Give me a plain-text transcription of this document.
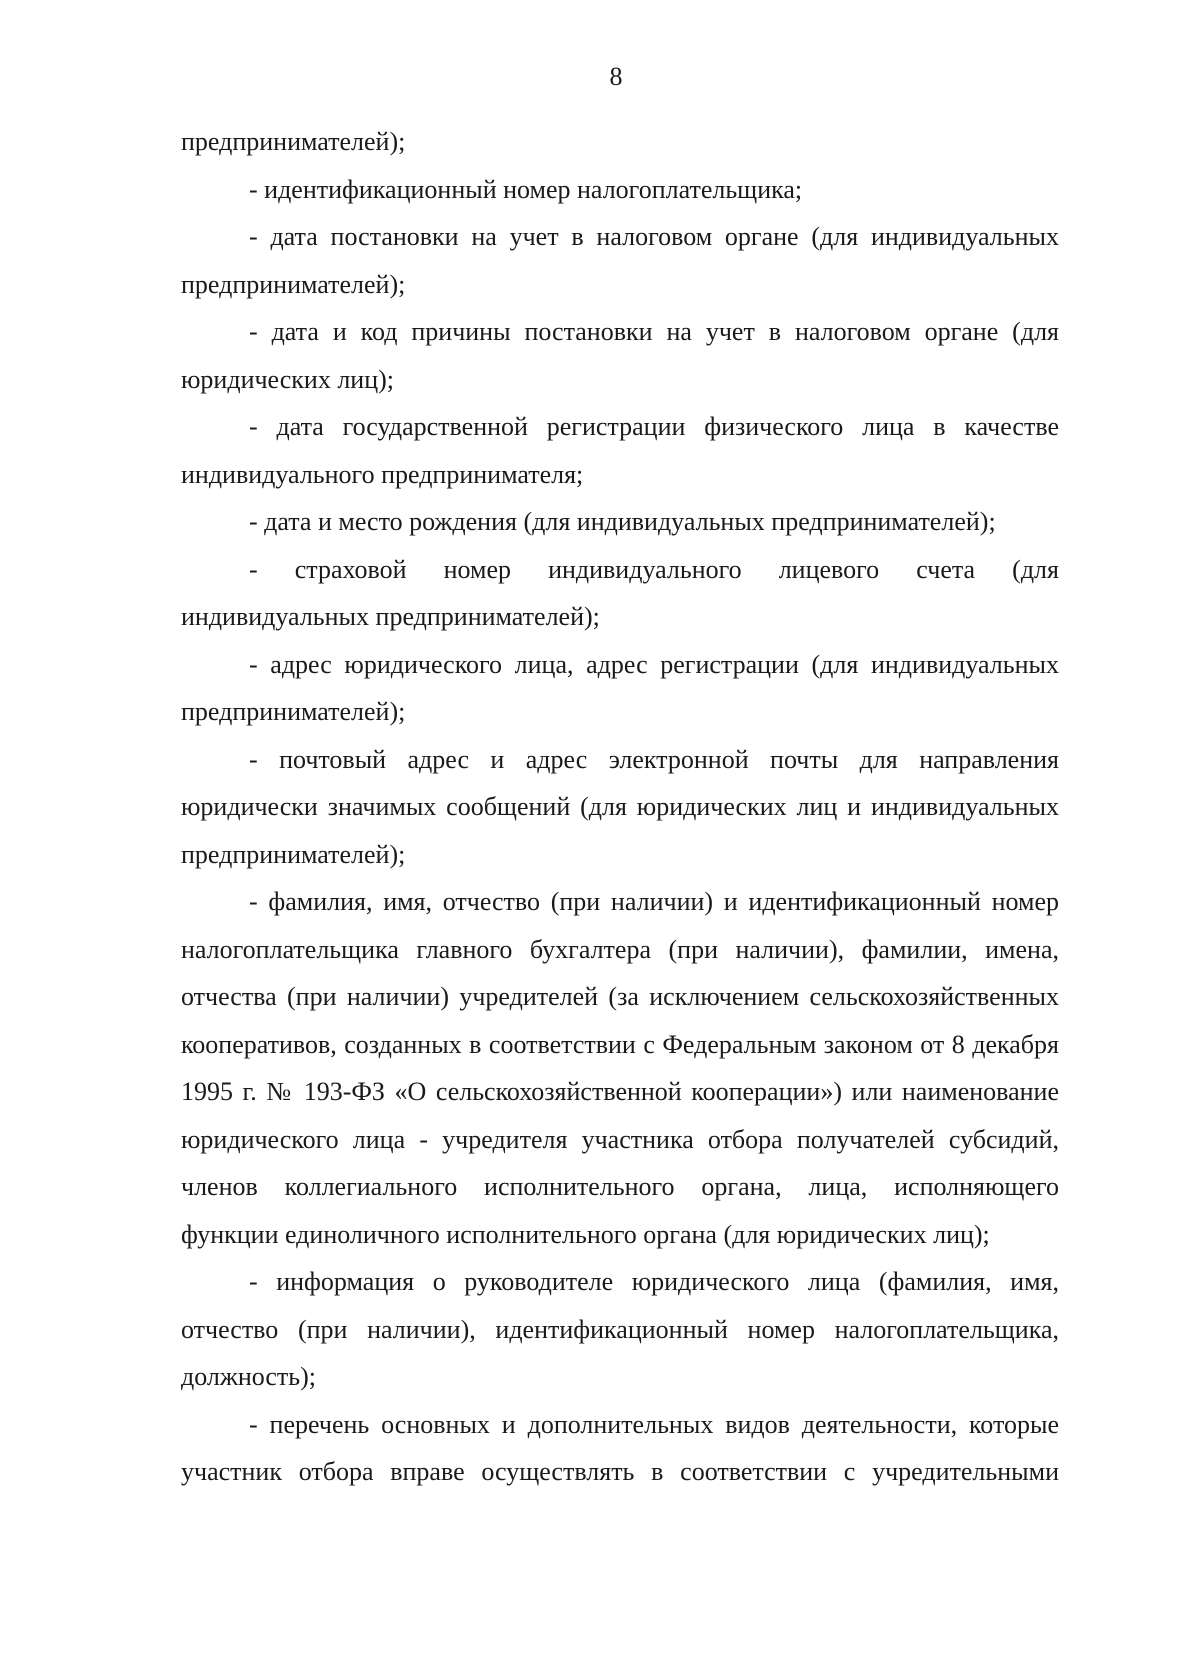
8

предпринимателей);

- идентификационный номер налогоплательщика;

- дата постановки на учет в налоговом органе (для индивидуальных предпринимателей);

- дата и код причины постановки на учет в налоговом органе (для юридических лиц);

- дата государственной регистрации физического лица в качестве индивидуального предпринимателя;

- дата и место рождения (для индивидуальных предпринимателей);

- страховой номер индивидуального лицевого счета (для индивидуальных предпринимателей);

- адрес юридического лица, адрес регистрации (для индивидуальных предпринимателей);

- почтовый адрес и адрес электронной почты для направления юридически значимых сообщений (для юридических лиц и индивидуальных предпринимателей);

- фамилия, имя, отчество (при наличии) и идентификационный номер налогоплательщика главного бухгалтера (при наличии), фамилии, имена, отчества (при наличии) учредителей (за исключением сельскохозяйственных кооперативов, созданных в соответствии с Федеральным законом от 8 декабря 1995 г. № 193-ФЗ «О сельскохозяйственной кооперации») или наименование юридического лица - учредителя участника отбора получателей субсидий, членов коллегиального исполнительного органа, лица, исполняющего функции единоличного исполнительного органа (для юридических лиц);

- информация о руководителе юридического лица (фамилия, имя, отчество (при наличии), идентификационный номер налогоплательщика, должность);

- перечень основных и дополнительных видов деятельности, которые участник отбора вправе осуществлять в соответствии с учредительными
